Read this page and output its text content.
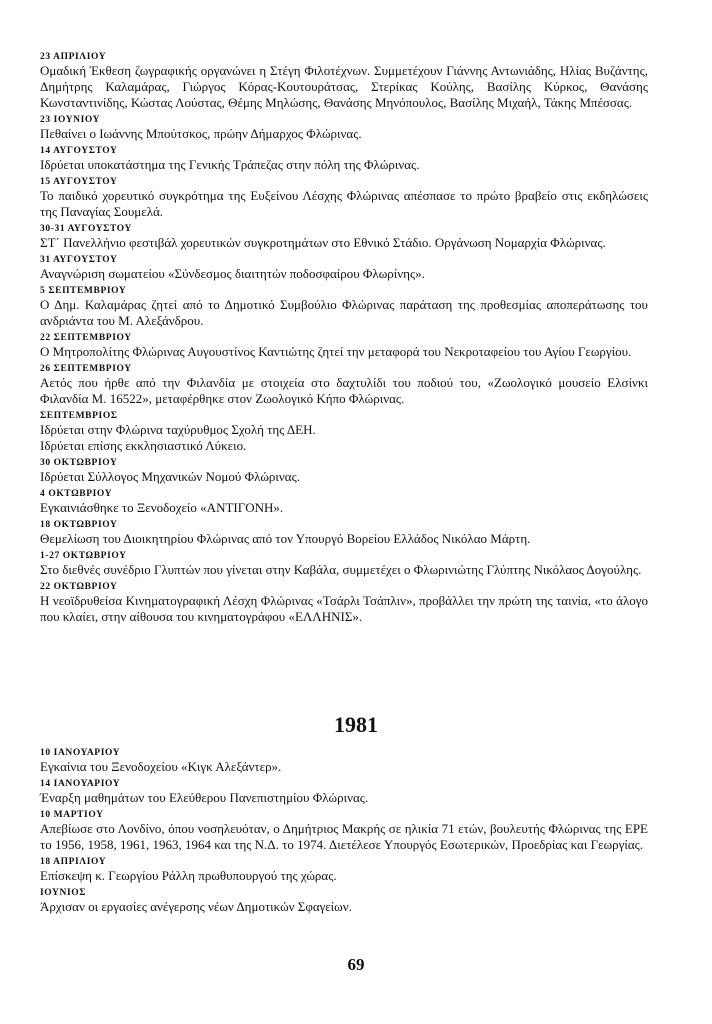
23 ΑΠΡΙΛΙΟΥ

Ομαδική Έκθεση ζωγραφικής οργανώνει η Στέγη Φιλοτέχνων. Συμμετέχουν Γιάννης Αντωνιάδης, Ηλίας Βυζάντης, Δημήτρης Καλαμάρας, Γιώργος Κόρας-Κουτουράτσας, Στερίκας Κούλης, Βασίλης Κύρκος, Θανάσης Κωνσταντινίδης, Κώστας Λούστας, Θέμης Μηλώσης, Θανάσης Μηνόπουλος, Βασίλης Μιχαήλ, Τάκης Μπέσσας.

23 ΙΟΥΝΙΟΥ

Πεθαίνει ο Ιωάννης Μπούτσκος, πρώην Δήμαρχος Φλώρινας.

14 ΑΥΓΟΥΣΤΟΥ

Ιδρύεται υποκατάστημα της Γενικής Τράπεζας στην πόλη της Φλώρινας.

15 ΑΥΓΟΥΣΤΟΥ

Το παιδικό χορευτικό συγκρότημα της Ευξείνου Λέσχης Φλώρινας απέσπασε το πρώτο βραβείο στις εκδηλώσεις της Παναγίας Σουμελά.

30-31 ΑΥΓΟΥΣΤΟΥ

ΣΤ΄ Πανελλήνιο φεστιβάλ χορευτικών συγκροτημάτων στο Εθνικό Στάδιο. Οργάνωση Νομαρχία Φλώρινας.

31 ΑΥΓΟΥΣΤΟΥ

Αναγνώριση σωματείου «Σύνδεσμος διαιτητών ποδοσφαίρου Φλωρίνης».

5 ΣΕΠΤΕΜΒΡΙΟΥ

Ο Δημ. Καλαμάρας ζητεί από το Δημοτικό Συμβούλιο Φλώρινας παράταση της προθεσμίας αποπεράτωσης του ανδριάντα του Μ. Αλεξάνδρου.

22 ΣΕΠΤΕΜΒΡΙΟΥ

Ο Μητροπολίτης Φλώρινας Αυγουστίνος Καντιώτης ζητεί την μεταφορά του Νεκροταφείου του Αγίου Γεωργίου.

26 ΣΕΠΤΕΜΒΡΙΟΥ

Αετός που ήρθε από την Φιλανδία με στοιχεία στο δαχτυλίδι του ποδιού του, «Ζωολογικό μουσείο Ελσίνκι Φιλανδία Μ. 16522», μεταφέρθηκε στον Ζωολογικό Κήπο Φλώρινας.

ΣΕΠΤΕΜΒΡΙΟΣ

Ιδρύεται στην Φλώρινα ταχύρυθμος Σχολή της ΔΕΗ.

Ιδρύεται επίσης εκκλησιαστικό Λύκειο.

30 ΟΚΤΩΒΡΙΟΥ

Ιδρύεται Σύλλογος Μηχανικών Νομού Φλώρινας.

4 ΟΚΤΩΒΡΙΟΥ

Εγκαινιάσθηκε το Ξενοδοχείο «ΑΝΤΙΓΟΝΗ».

18 ΟΚΤΩΒΡΙΟΥ

Θεμελίωση του Διοικητηρίου Φλώρινας από τον Υπουργό Βορείου Ελλάδος Νικόλαο Μάρτη.

1-27 ΟΚΤΩΒΡΙΟΥ

Στο διεθνές συνέδριο Γλυπτών που γίνεται στην Καβάλα, συμμετέχει ο Φλωρινιώτης Γλύπτης Νικόλαος Δογούλης.

22 ΟΚΤΩΒΡΙΟΥ

Η νεοϊδρυθείσα Κινηματογραφική Λέσχη Φλώρινας «Τσάρλι Τσάπλιν», προβάλλει την πρώτη της ταινία, «το άλογο που κλαίει, στην αίθουσα του κινηματογράφου «ΕΛΛΗΝΙΣ».

1981
10 ΙΑΝΟΥΑΡΙΟΥ

Εγκαίνια του Ξενοδοχείου «Κιγκ Αλεξάντερ».

14 ΙΑΝΟΥΑΡΙΟΥ

Έναρξη μαθημάτων του Ελεύθερου Πανεπιστημίου Φλώρινας.

10 ΜΑΡΤΙΟΥ

Απεβίωσε στο Λονδίνο, όπου νοσηλευόταν, ο Δημήτριος Μακρής σε ηλικία 71 ετών, βουλευτής Φλώρινας της ΕΡΕ το 1956, 1958, 1961, 1963, 1964 και της Ν.Δ. το 1974. Διετέλεσε Υπουργός Εσωτερικών, Προεδρίας και Γεωργίας.

18 ΑΠΡΙΛΙΟΥ

Επίσκεψη κ. Γεωργίου Ράλλη πρωθυπουργού της χώρας.

ΙΟΥΝΙΟΣ

Άρχισαν οι εργασίες ανέγερσης νέων Δημοτικών Σφαγείων.

69
